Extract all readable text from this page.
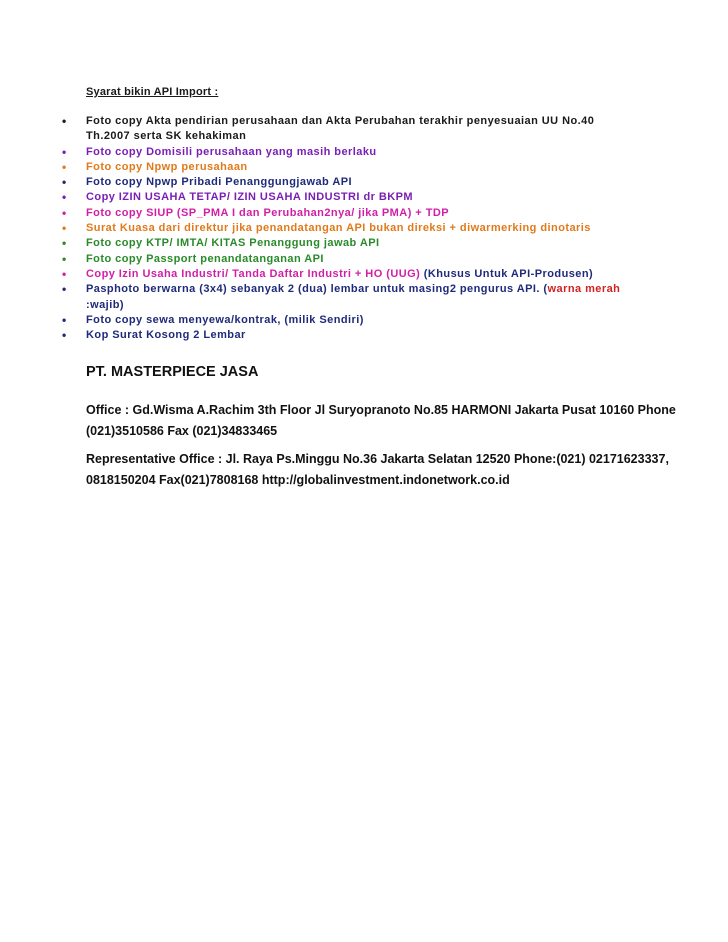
Syarat bikin API Import :
• Foto copy Akta pendirian perusahaan dan Akta Perubahan terakhir penyesuaian UU No.40 Th.2007 serta SK kehakiman
• Foto copy Domisili perusahaan yang masih berlaku
• Foto copy Npwp perusahaan
• Foto copy Npwp Pribadi Penanggungjawab API
• Copy IZIN USAHA TETAP/ IZIN USAHA INDUSTRI dr BKPM
• Foto copy SIUP (SP_PMA I dan Perubahan2nya/ jika PMA) + TDP
• Surat Kuasa dari direktur jika penandatangan API bukan direksi + diwarmerking dinotaris
• Foto copy KTP/ IMTA/ KITAS Penanggung jawab API
• Foto copy Passport penandatanganan API
• Copy Izin Usaha Industri/ Tanda Daftar Industri + HO (UUG) (Khusus Untuk API-Produsen)
• Pasphoto berwarna (3x4) sebanyak 2 (dua) lembar untuk masing2 pengurus API. (warna merah :wajib)
• Foto copy sewa menyewa/kontrak, (milik Sendiri)
• Kop Surat Kosong 2 Lembar
PT. MASTERPIECE JASA
Office : Gd.Wisma A.Rachim 3th Floor Jl Suryopranoto No.85 HARMONI Jakarta Pusat 10160 Phone (021)3510586 Fax (021)34833465
Representative Office : Jl. Raya Ps.Minggu No.36 Jakarta Selatan 12520 Phone:(021) 02171623337, 0818150204 Fax(021)7808168 http://globalinvestment.indonetwork.co.id
